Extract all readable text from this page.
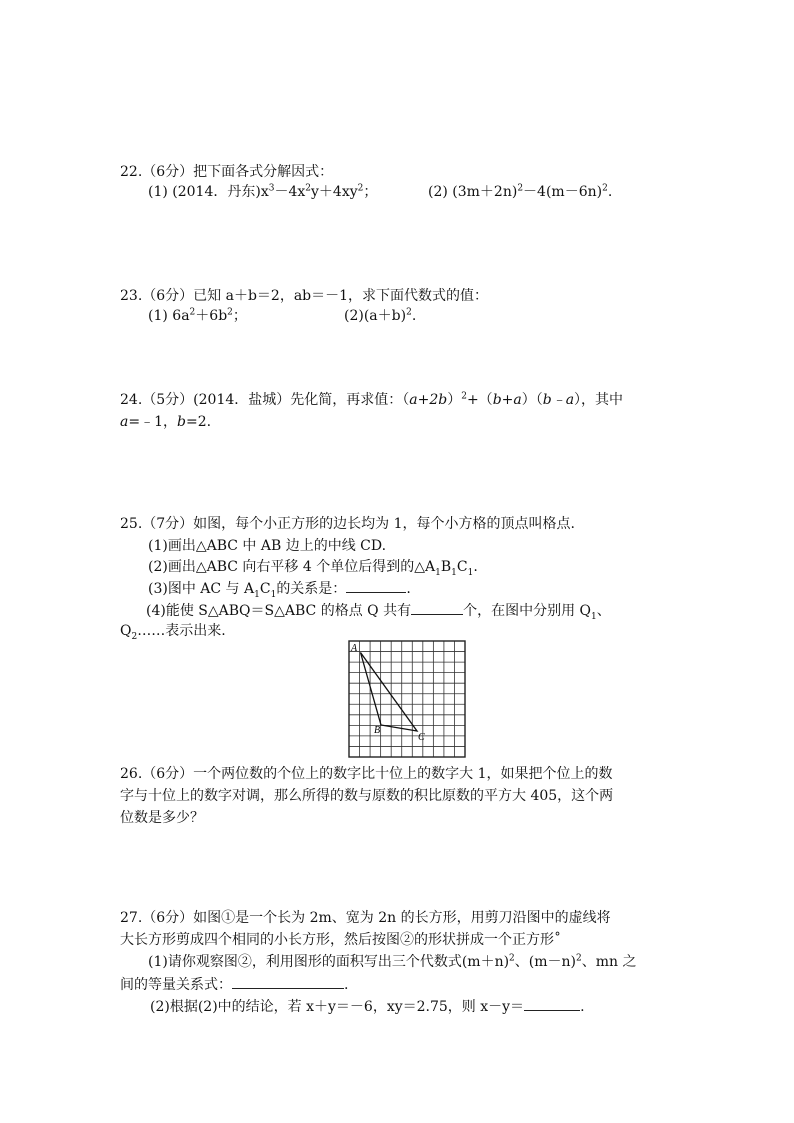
22.（6分）把下面各式分解因式：
(1) (2014．丹东)$x^3-4x^2y+4xy^2$；	(2) $(3m+2n)^2-4(m-6n)^2$.
23.（6分）已知 a＋b＝2，ab＝－1，求下面代数式的值：
(1) $6a^2+6b^2$；	$(2)(a+b)^2$.
24.（5分）(2014．盐城）先化简，再求值：$(a+2b)^2+(b+a)(b﹣a)$，其中
a=﹣1，b=2.
25.（7分）如图，每个小正方形的边长均为 1，每个小方格的顶点叫格点.
(1)画出△ABC 中 AB 边上的中线 CD.
(2)画出△ABC 向右平移 4 个单位后得到的$\triangle A_1B_1C_1$.
(3)图中 AC 与 $A_1C_1$的关系是：	.
(4)能使 S△ABQ＝S△ABC 的格点 Q 共有	个，在图中分别用 $Q_1$、
$Q_2\dots\dots$表示出来.
A
B
C
26.（6分）一个两位数的个位上的数字比十位上的数字大 1，如果把个位上的数
字与十位上的数字对调，那么所得的数与原数的积比原数的平方大 405，这个两
位数是多少？
27.（6分）如图①是一个长为 2m、宽为 2n 的长方形，用剪刀沿图中的虚线将
大长方形剪成四个相同的小长方形，然后按图②的形状拼成一个正方形˚
(1)请你观察图②，利用图形的面积写出三个代数式$(m+n)^2$、$(m-n)^2$、mn 之
间的等量关系式：	.
(2)根据(2)中的结论，若 x＋y＝－6，xy＝2.75，则 x－y＝	.
